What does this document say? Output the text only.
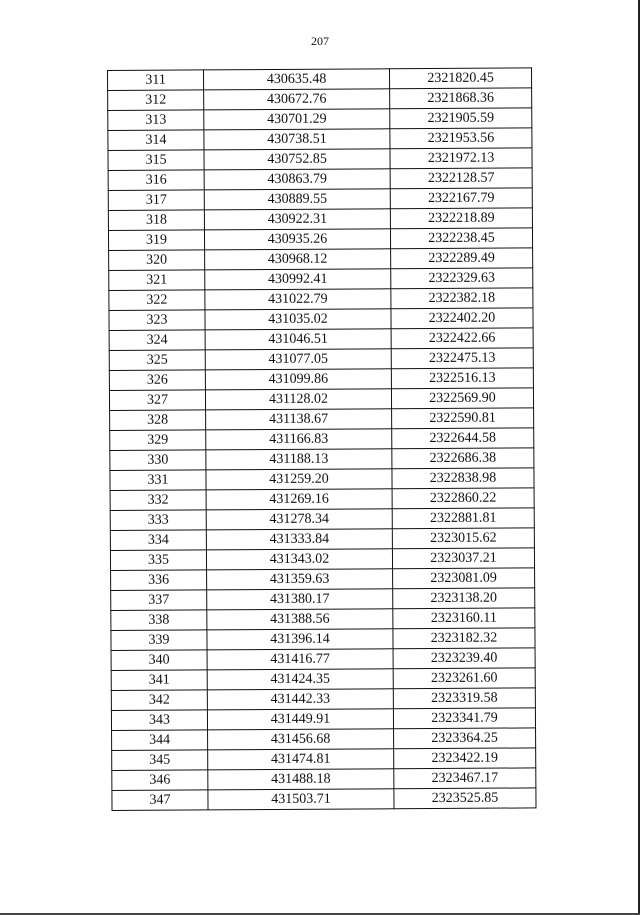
207
311	430635.48	2321820.45
312	430672.76	2321868.36
313	430701.29	2321905.59
314	430738.51	2321953.56
315	430752.85	2321972.13
316	430863.79	2322128.57
317	430889.55	2322167.79
318	430922.31	2322218.89
319	430935.26	2322238.45
320	430968.12	2322289.49
321	430992.41	2322329.63
322	431022.79	2322382.18
323	431035.02	2322402.20
324	431046.51	2322422.66
325	431077.05	2322475.13
326	431099.86	2322516.13
327	431128.02	2322569.90
328	431138.67	2322590.81
329	431166.83	2322644.58
330	431188.13	2322686.38
331	431259.20	2322838.98
332	431269.16	2322860.22
333	431278.34	2322881.81
334	431333.84	2323015.62
335	431343.02	2323037.21
336	431359.63	2323081.09
337	431380.17	2323138.20
338	431388.56	2323160.11
339	431396.14	2323182.32
340	431416.77	2323239.40
341	431424.35	2323261.60
342	431442.33	2323319.58
343	431449.91	2323341.79
344	431456.68	2323364.25
345	431474.81	2323422.19
346	431488.18	2323467.17
347	431503.71	2323525.85
